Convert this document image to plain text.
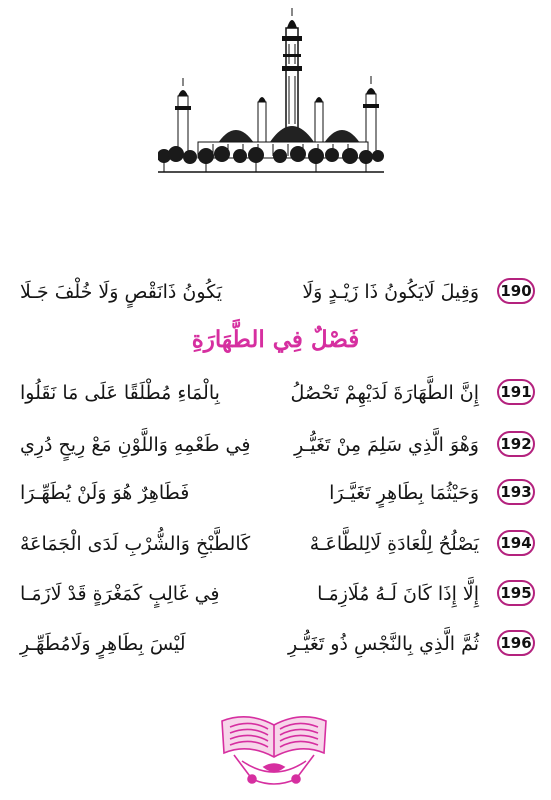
190
وَقِيلَ لَايَكُونُ ذَا زَيْـدٍ وَلَا
يَكُونُ ذَانَقْصٍ وَلَا خُلْفَ جَـلَا
فَصْلٌ فِي الطَّهَارَةِ
191
إِنَّ الطَّهَارَةَ لَدَيْهِمْ تَحْصُلُ
بِالْمَاءِ مُطْلَقًا عَلَى مَا نَقَلُوا
192
وَهْوَ الَّذِي سَلِمَ مِنْ تَغَيُّـرِ
فِي طَعْمِهِ وَاللَّوْنِ مَعْ رِيحٍ دُرِي
193
وَحَيْثُمَا بِطَاهِرٍ تَغَيَّـرَا
فَطَاهِرٌ هُوَ وَلَنْ يُطَهِّـرَا
194
يَصْلُحُ لِلْعَادَةِ لَالِلطَّاعَـهْ
كَالطَّبْخِ وَالشُّرْبِ لَدَى الْجَمَاعَهْ
195
إِلَّا إِذَا كَانَ لَـهُ مُلَازِمَـا
فِي غَالِبٍ كَمَغْرَةٍ قَدْ لَازَمَـا
196
ثُمَّ الَّذِي بِالنَّجْسِ ذُو تَغَيُّـرِ
لَيْسَ بِطَاهِرٍ وَلَامُطَهِّـرِ
